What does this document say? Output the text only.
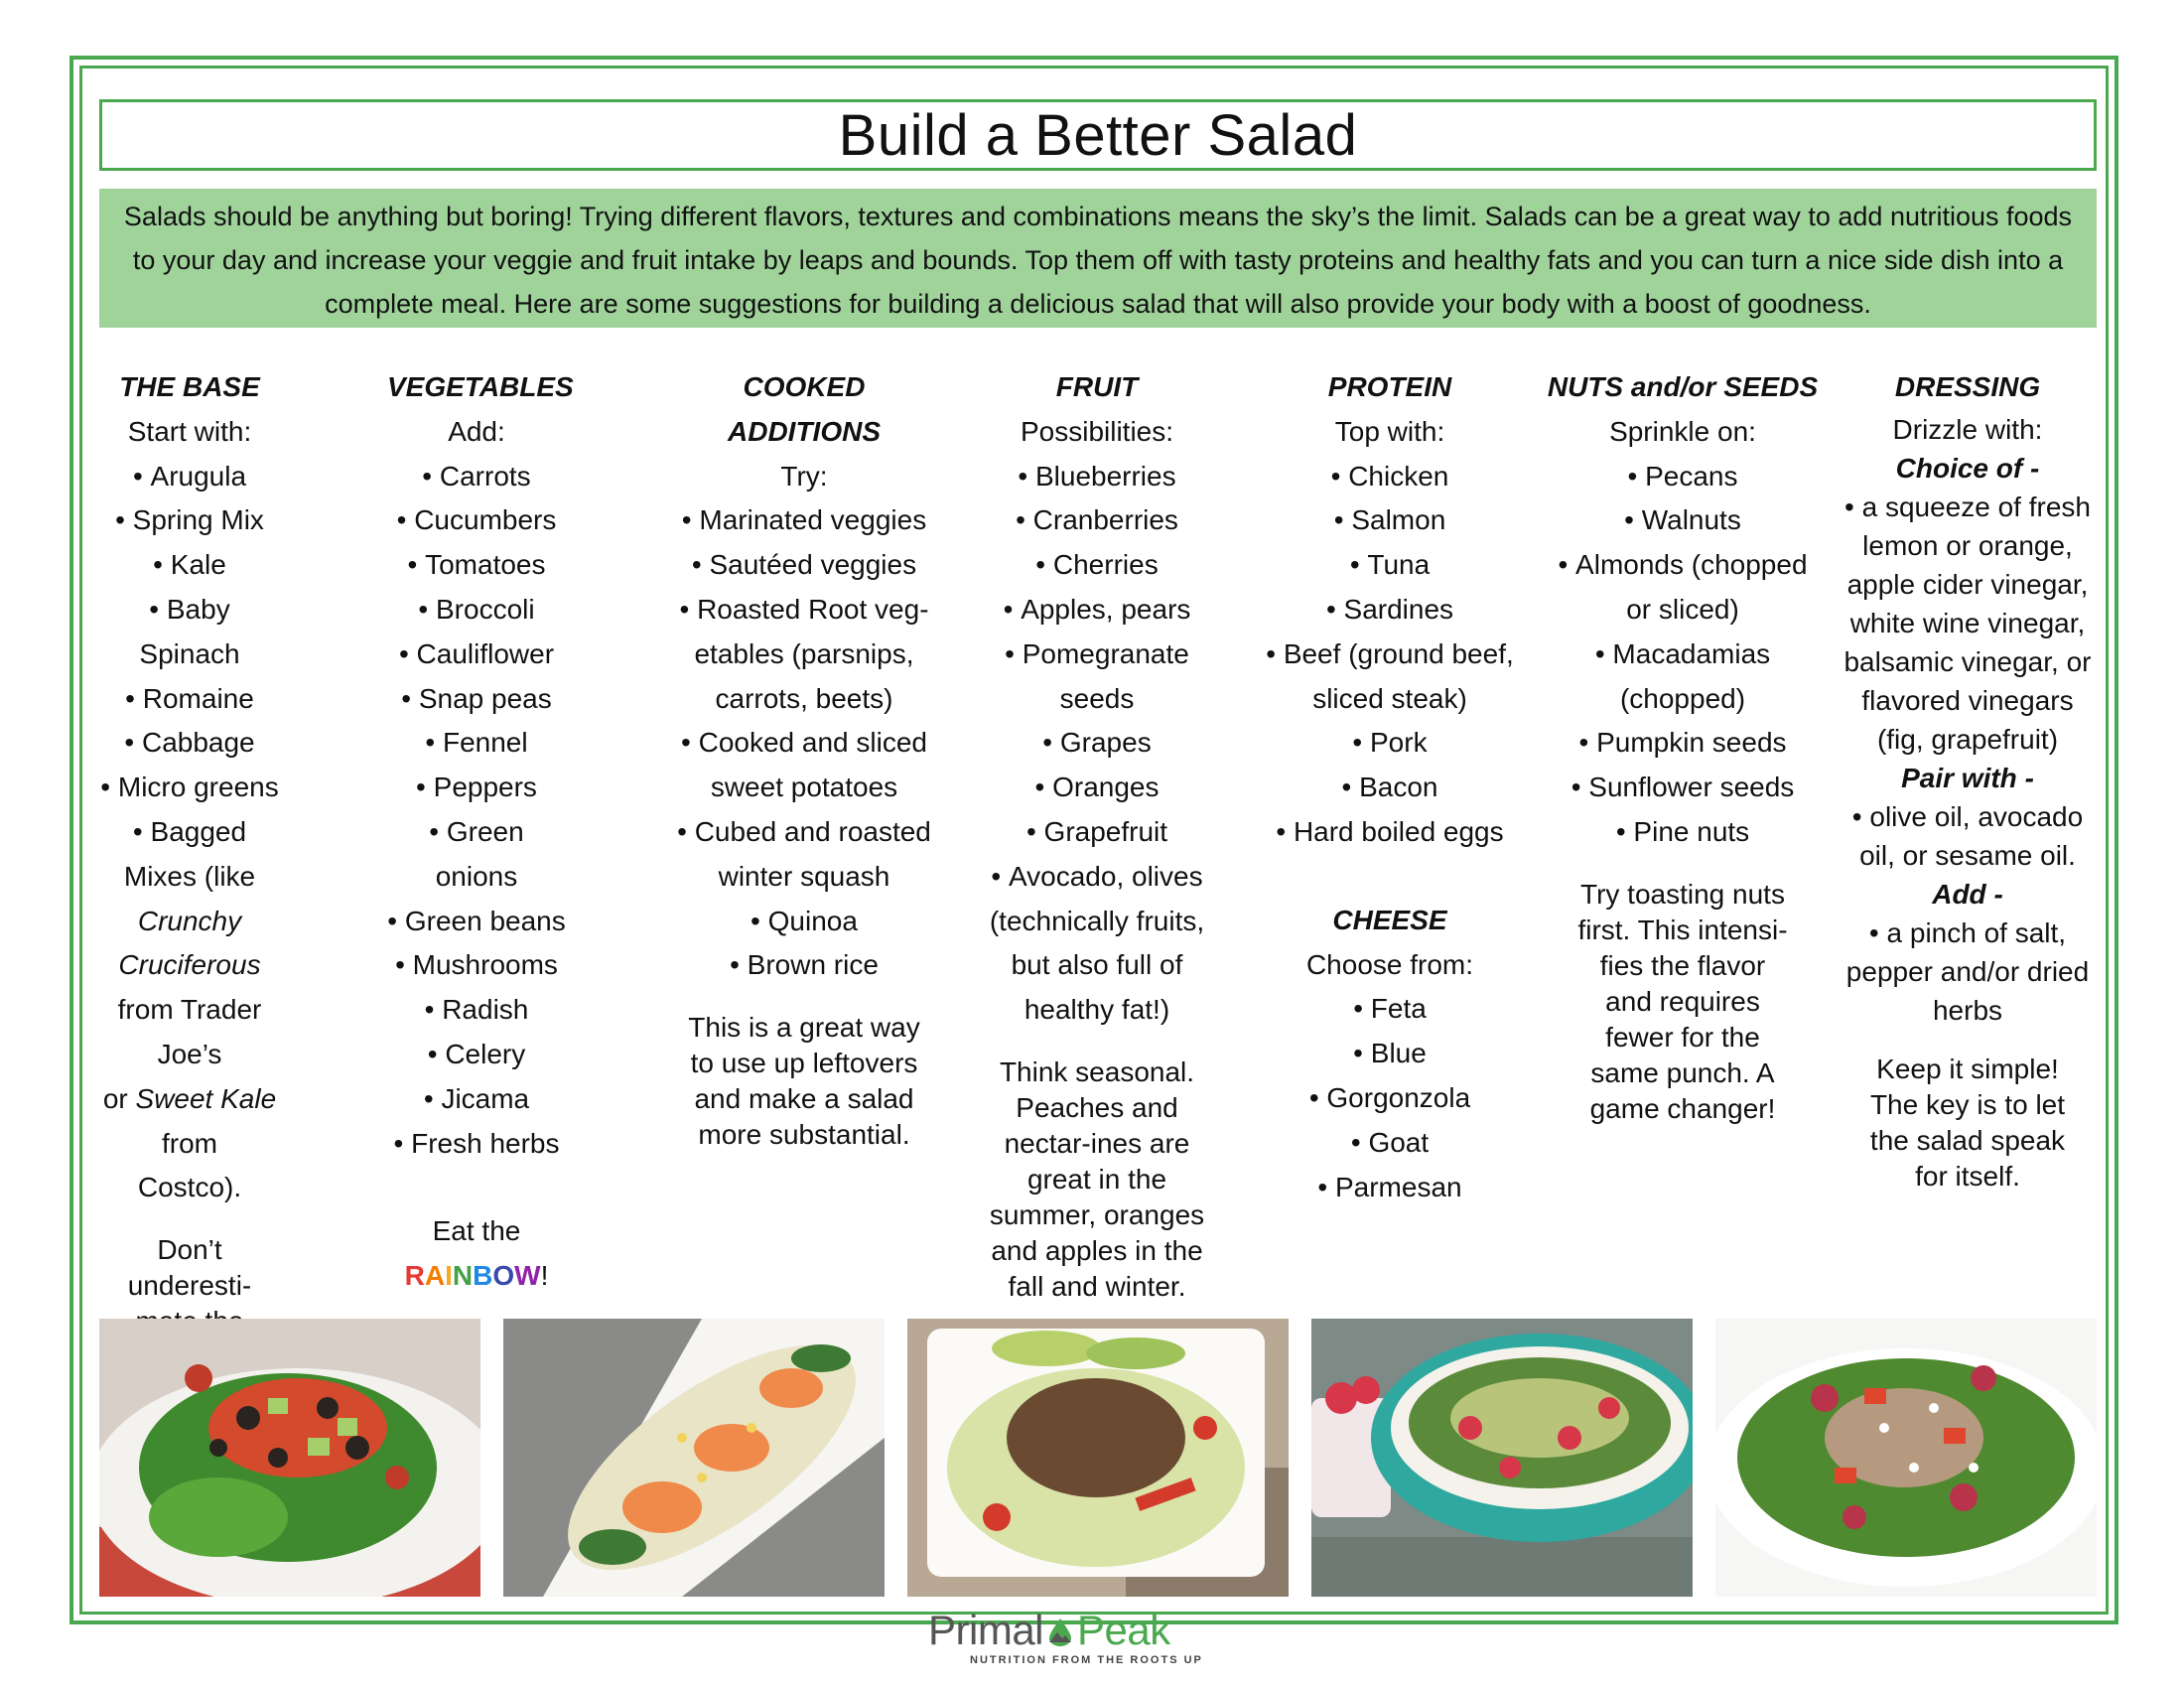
Build a Better Salad
Salads should be anything but boring! Trying different flavors, textures and combinations means the sky’s the limit. Salads can be a great way to add nutritious foods to your day and increase your veggie and fruit intake by leaps and bounds. Top them off with tasty proteins and healthy fats and you can turn a nice side dish into a complete meal. Here are some suggestions for building a delicious salad that will also provide your body with a boost of goodness.
THE BASE
Start with:
• Arugula
• Spring Mix
• Kale
• Baby Spinach
• Romaine
• Cabbage
• Micro greens
• Bagged Mixes (like
Crunchy Cruciferous
from Trader Joe’s
or Sweet Kale from
Costco).
Don’t underesti-
VEGETABLES
Add:
• Carrots
• Cucumbers
• Tomatoes
• Broccoli
• Cauliflower
• Snap peas
• Fennel
• Peppers
• Green onions
• Green beans
• Mushrooms
• Radish
• Celery
• Jicama
• Fresh herbs
Eat the RAINBOW!
COOKED ADDITIONS
Try:
• Marinated veggies
• Sautéed veggies
• Roasted Root veg-
etables (parsnips,
carrots, beets)
• Cooked and sliced
sweet potatoes
• Cubed and roasted
winter squash
• Quinoa
• Brown rice
This is a great way to use up leftovers and make a salad more substantial.
FRUIT
Possibilities:
• Blueberries
• Cranberries
• Cherries
• Apples, pears
• Pomegranate
seeds
• Grapes
• Oranges
• Grapefruit
• Avocado, olives
(technically fruits,
but also full of
healthy fat!)
Think seasonal. Peaches and nectar-ines are great in the summer, oranges and apples in the fall and winter.
PROTEIN
Top with:
• Chicken
• Salmon
• Tuna
• Sardines
• Beef (ground beef,
sliced steak)
• Pork
• Bacon
• Hard boiled eggs
CHEESE
Choose from:
• Feta
• Blue
• Gorgonzola
• Goat
• Parmesan
NUTS and/or SEEDS
Sprinkle on:
• Pecans
• Walnuts
• Almonds (chopped
or sliced)
• Macadamias
(chopped)
• Pumpkin seeds
• Sunflower seeds
• Pine nuts
Try toasting nuts first. This intensi-fies the flavor and requires fewer for the same punch. A game changer!
DRESSING
Drizzle with:
Choice of -
• a squeeze of fresh lemon or orange, apple cider vinegar, white wine vinegar, balsamic vinegar, or flavored vinegars (fig, grapefruit)
Pair with -
• olive oil, avocado oil, or sesame oil.
Add -
• a pinch of salt, pepper and/or dried herbs
Keep it simple! The key is to let the salad speak for itself.
Primal Peak
NUTRITION FROM THE ROOTS UP
